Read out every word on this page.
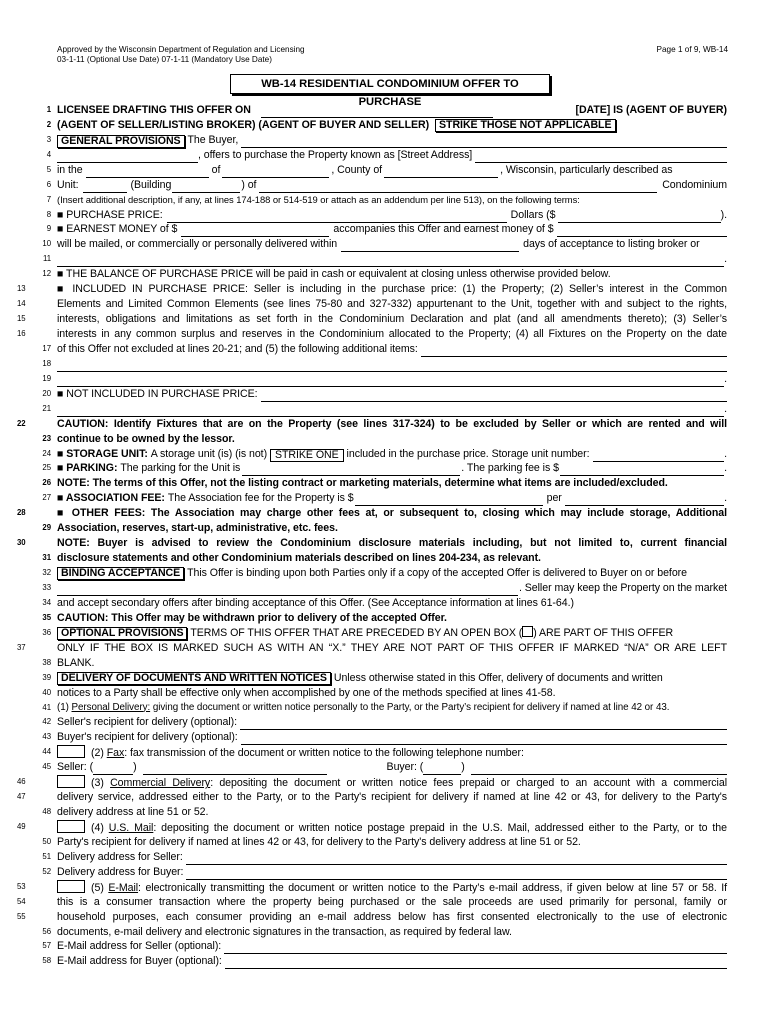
Approved by the Wisconsin Department of Regulation and Licensing
03-1-11 (Optional Use Date) 07-1-11 (Mandatory Use Date)
Page 1 of 9, WB-14
WB-14 RESIDENTIAL CONDOMINIUM OFFER TO PURCHASE
1 LICENSEE DRAFTING THIS OFFER ON	[DATE] IS (AGENT OF BUYER)
2 (AGENT OF SELLER/LISTING BROKER) (AGENT OF BUYER AND SELLER) STRIKE THOSE NOT APPLICABLE
3 GENERAL PROVISIONS
The Buyer,
4	, offers to purchase the Property known as [Street Address]
5 in the	of	, County of	, Wisconsin, particularly described as
6 Unit:	(Building	) of	Condominium
7 (Insert additional description, if any, at lines 174-188 or 514-519 or attach as an addendum per line 513), on the following terms:
8 ■ PURCHASE PRICE:	Dollars ($	).
9 ■ EARNEST MONEY of $	accompanies this Offer and earnest money of $
10 will be mailed, or commercially or personally delivered within	days of acceptance to listing broker or
11	.
12 ■ THE BALANCE OF PURCHASE PRICE will be paid in cash or equivalent at closing unless otherwise provided below.
13	■ INCLUDED IN PURCHASE PRICE: Seller is including in the purchase price: (1) the Property; (2) Seller’s interest in the Common
14	Elements and Limited Common Elements (see lines 75-80 and 327-332) appurtenant to the Unit, together with and subject to the rights,
15	interests, obligations and limitations as set forth in the Condominium Declaration and plat (and all amendments thereto); (3) Seller’s
16	interests in any common surplus and reserves in the Condominium allocated to the Property; (4) all Fixtures on the Property on the date
17 of this Offer not excluded at lines 20-21; and (5) the following additional items:
18
19	.
20 ■ NOT INCLUDED IN PURCHASE PRICE:
21	.
22	CAUTION: Identify Fixtures that are on the Property (see lines 317-324) to be excluded by Seller or which are rented and will
23 continue to be owned by the lessor.
24 ■ STORAGE UNIT:
A storage unit (is) (is not)
STRIKE ONE
included in the purchase price. Storage unit number:	.
25 ■ PARKING:
The parking for the Unit is	. The parking fee is $	.
26 NOTE: The terms of this Offer, not the listing contract or marketing materials, determine what items are included/excluded.
27 ■ ASSOCIATION FEE:
The Association fee for the Property is $	per	.
28	■ OTHER FEES: The Association may charge other fees at, or subsequent to, closing which may include storage, Additional
29 Association, reserves, start-up, administrative, etc. fees.
30	NOTE: Buyer is advised to review the Condominium disclosure materials including, but not limited to, current financial
31 disclosure statements and other Condominium materials described on lines 204-234, as relevant.
32 BINDING ACCEPTANCE This Offer is binding upon both Parties only if a copy of the accepted Offer is delivered to Buyer on or before
33	. Seller may keep the Property on the market
34 and accept secondary offers after binding acceptance of this Offer. (See Acceptance information at lines 61-64.)
35 CAUTION: This Offer may be withdrawn prior to delivery of the accepted Offer.
36 OPTIONAL PROVISIONS TERMS OF THIS OFFER THAT ARE PRECEDED BY AN OPEN BOX ( ) ARE PART OF THIS OFFER
37	ONLY IF THE BOX IS MARKED SUCH AS WITH AN “X.” THEY ARE NOT PART OF THIS OFFER IF MARKED “N/A” OR ARE LEFT
38 BLANK.
39 DELIVERY OF DOCUMENTS AND WRITTEN NOTICES Unless otherwise stated in this Offer, delivery of documents and written
40 notices to a Party shall be effective only when accomplished by one of the methods specified at lines 41-58.
41 (1) Personal Delivery: giving the document or written notice personally to the Party, or the Party’s recipient for delivery if named at line 42 or 43.
42 Seller's recipient for delivery (optional):
43 Buyer's recipient for delivery (optional):
44	(2) Fax: fax transmission of the document or written notice to the following telephone number:
45 Seller: (	)	Buyer: (	)
46	(3) Commercial Delivery: depositing the document or written notice fees prepaid or charged to an account with a commercial
47	delivery service, addressed either to the Party, or to the Party's recipient for delivery if named at line 42 or 43, for delivery to the Party's
48 delivery address at line 51 or 52.
49	(4) U.S. Mail: depositing the document or written notice postage prepaid in the U.S. Mail, addressed either to the Party, or to the
50 Party's recipient for delivery if named at lines 42 or 43, for delivery to the Party's delivery address at line 51 or 52.
51 Delivery address for Seller:
52 Delivery address for Buyer:
53	(5) E-Mail: electronically transmitting the document or written notice to the Party’s e-mail address, if given below at line 57 or 58. If
54	this is a consumer transaction where the property being purchased or the sale proceeds are used primarily for personal, family or
55	household purposes, each consumer providing an e-mail address below has first consented electronically to the use of electronic
56 documents, e-mail delivery and electronic signatures in the transaction, as required by federal law.
57 E-Mail address for Seller (optional):
58 E-Mail address for Buyer (optional):
